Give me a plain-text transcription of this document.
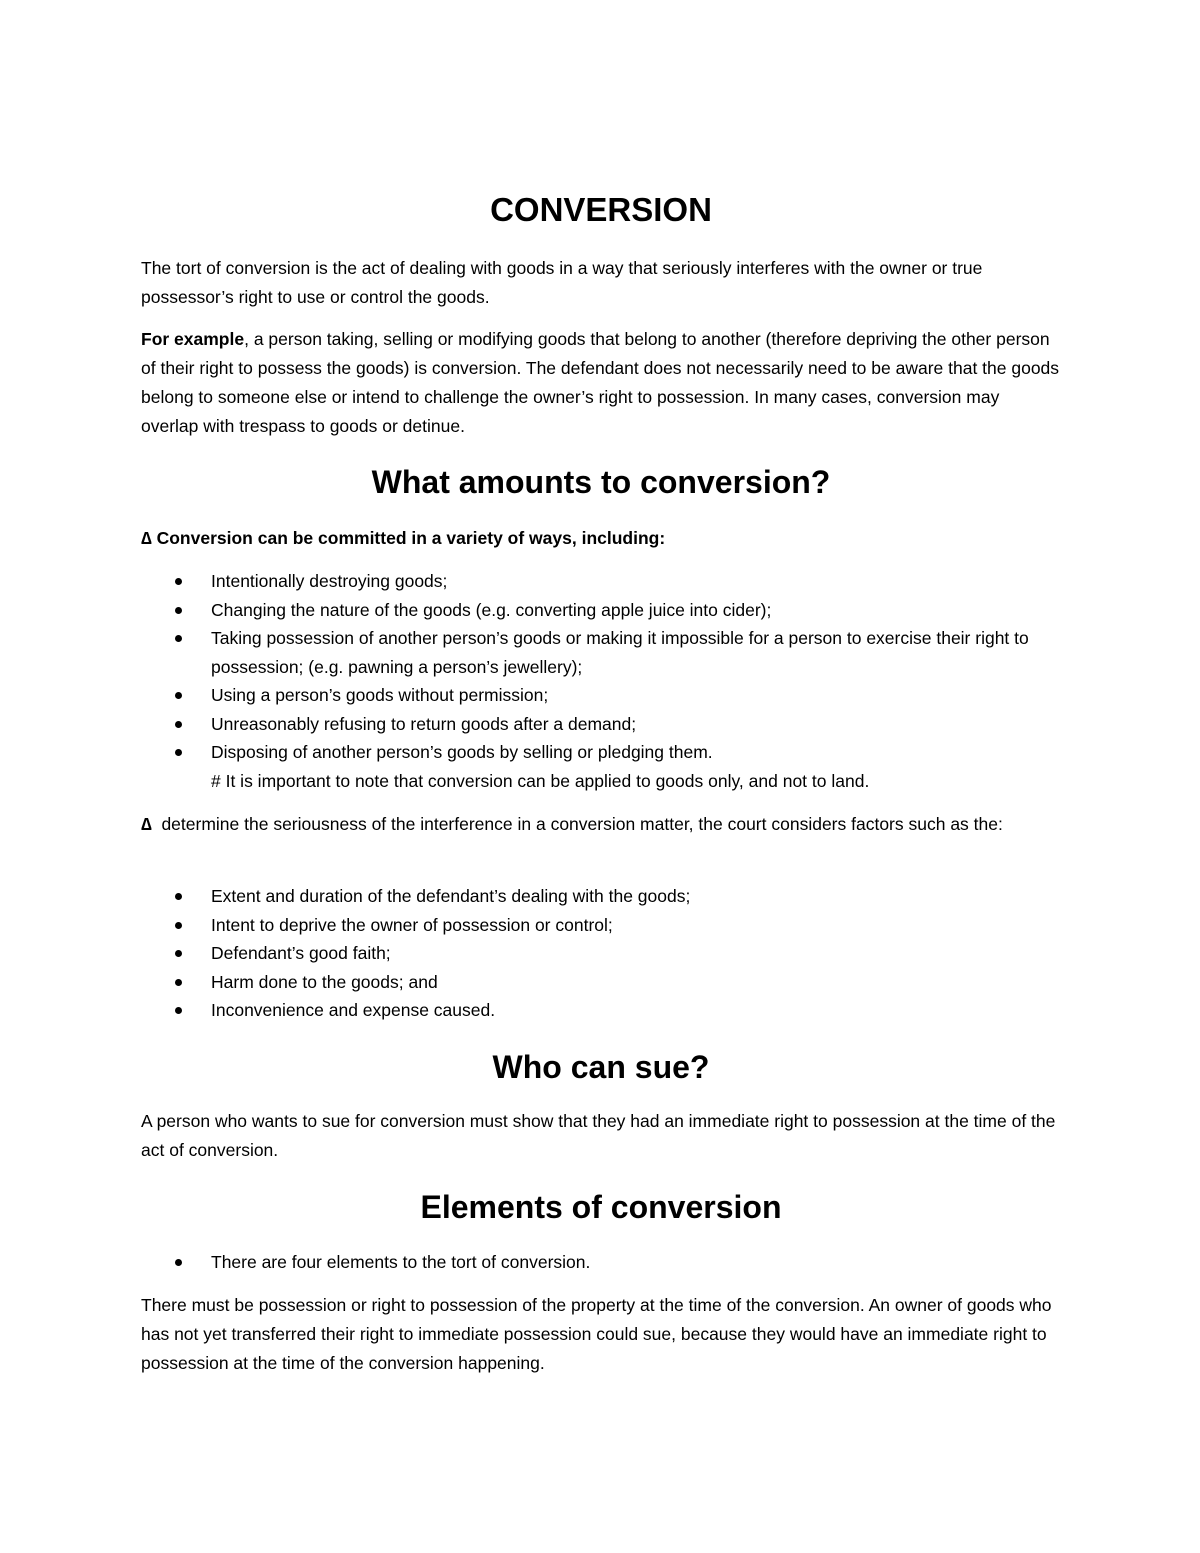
CONVERSION

The tort of conversion is the act of dealing with goods in a way that seriously interferes with the owner or true possessor’s right to use or control the goods.

For example, a person taking, selling or modifying goods that belong to another (therefore depriving the other person of their right to possess the goods) is conversion. The defendant does not necessarily need to be aware that the goods belong to someone else or intend to challenge the owner’s right to possession. In many cases, conversion may overlap with trespass to goods or detinue.

What amounts to conversion?

∆ Conversion can be committed in a variety of ways, including:

Intentionally destroying goods;
Changing the nature of the goods (e.g. converting apple juice into cider);
Taking possession of another person’s goods or making it impossible for a person to exercise their right to possession; (e.g. pawning a person’s jewellery);
Using a person’s goods without permission;
Unreasonably refusing to return goods after a demand;
Disposing of another person’s goods by selling or pledging them.
# It is important to note that conversion can be applied to goods only, and not to land.

∆ determine the seriousness of the interference in a conversion matter, the court considers factors such as the:

Extent and duration of the defendant’s dealing with the goods;
Intent to deprive the owner of possession or control;
Defendant’s good faith;
Harm done to the goods; and
Inconvenience and expense caused.
Who can sue?

A person who wants to sue for conversion must show that they had an immediate right to possession at the time of the act of conversion.

Elements of conversion
There are four elements to the tort of conversion.

There must be possession or right to possession of the property at the time of the conversion. An owner of goods who has not yet transferred their right to immediate possession could sue, because they would have an immediate right to possession at the time of the conversion happening.
